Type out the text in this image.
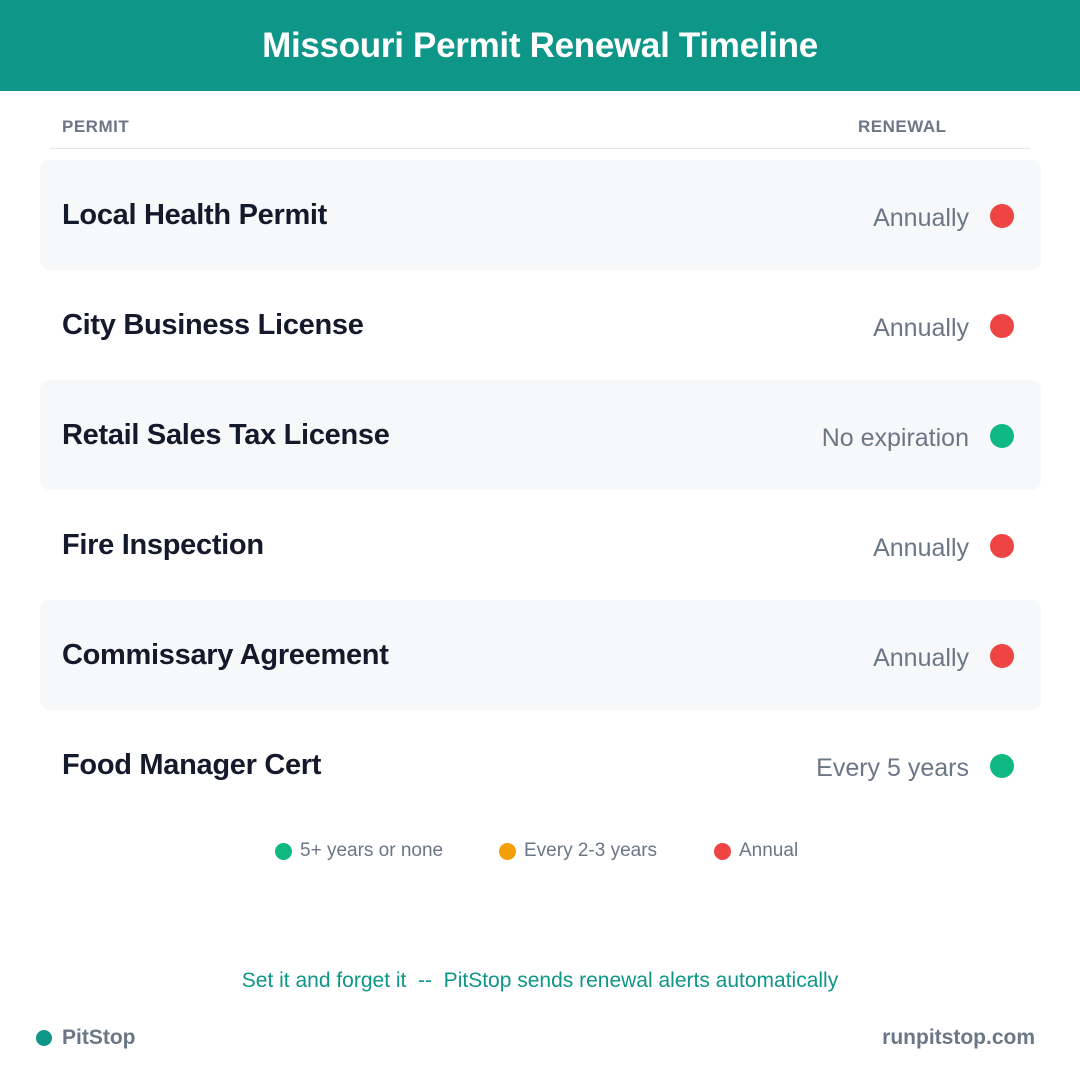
Missouri Permit Renewal Timeline
PERMIT	RENEWAL
Local Health Permit	Annually
City Business License	Annually
Retail Sales Tax License	No expiration
Fire Inspection	Annually
Commissary Agreement	Annually
Food Manager Cert	Every 5 years
5+ years or none	Every 2-3 years	Annual
Set it and forget it  --  PitStop sends renewal alerts automatically
PitStop	runpitstop.com
